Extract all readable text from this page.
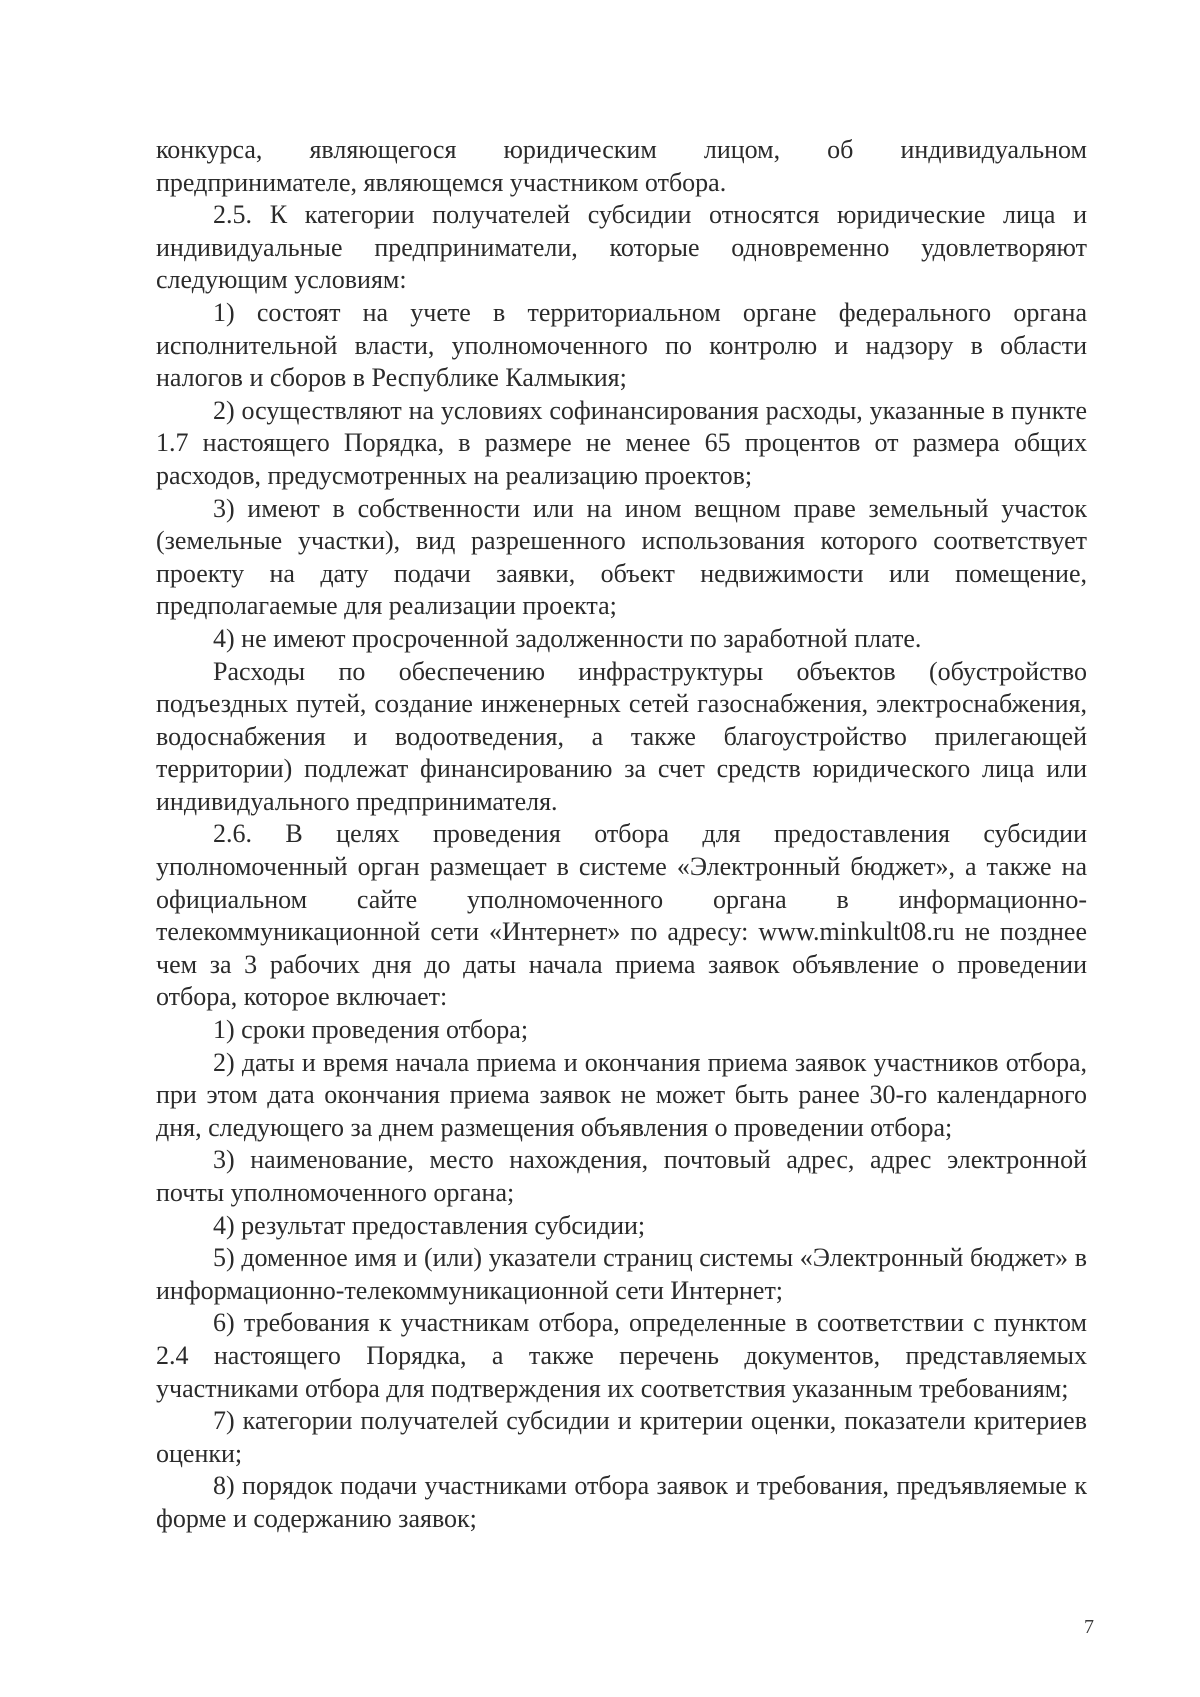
конкурса, являющегося юридическим лицом, об индивидуальном предпринимателе, являющемся участником отбора.

2.5. К категории получателей субсидии относятся юридические лица и индивидуальные предприниматели, которые одновременно удовлетворяют следующим условиям:

1) состоят на учете в территориальном органе федерального органа исполнительной власти, уполномоченного по контролю и надзору в области налогов и сборов в Республике Калмыкия;

2) осуществляют на условиях софинансирования расходы, указанные в пункте 1.7 настоящего Порядка, в размере не менее 65 процентов от размера общих расходов, предусмотренных на реализацию проектов;

3) имеют в собственности или на ином вещном праве земельный участок (земельные участки), вид разрешенного использования которого соответствует проекту на дату подачи заявки, объект недвижимости или помещение, предполагаемые для реализации проекта;

4) не имеют просроченной задолженности по заработной плате.

Расходы по обеспечению инфраструктуры объектов (обустройство подъездных путей, создание инженерных сетей газоснабжения, электроснабжения, водоснабжения и водоотведения, а также благоустройство прилегающей территории) подлежат финансированию за счет средств юридического лица или индивидуального предпринимателя.

2.6. В целях проведения отбора для предоставления субсидии уполномоченный орган размещает в системе «Электронный бюджет», а также на официальном сайте уполномоченного органа в информационно-телекоммуникационной сети «Интернет» по адресу: www.minkult08.ru не позднее чем за 3 рабочих дня до даты начала приема заявок объявление о проведении отбора, которое включает:

1) сроки проведения отбора;

2) даты и время начала приема и окончания приема заявок участников отбора, при этом дата окончания приема заявок не может быть ранее 30-го календарного дня, следующего за днем размещения объявления о проведении отбора;

3) наименование, место нахождения, почтовый адрес, адрес электронной почты уполномоченного органа;

4) результат предоставления субсидии;

5) доменное имя и (или) указатели страниц системы «Электронный бюджет» в информационно-телекоммуникационной сети Интернет;

6) требования к участникам отбора, определенные в соответствии с пунктом 2.4 настоящего Порядка, а также перечень документов, представляемых участниками отбора для подтверждения их соответствия указанным требованиям;

7) категории получателей субсидии и критерии оценки, показатели критериев оценки;

8) порядок подачи участниками отбора заявок и требования, предъявляемые к форме и содержанию заявок;

7
